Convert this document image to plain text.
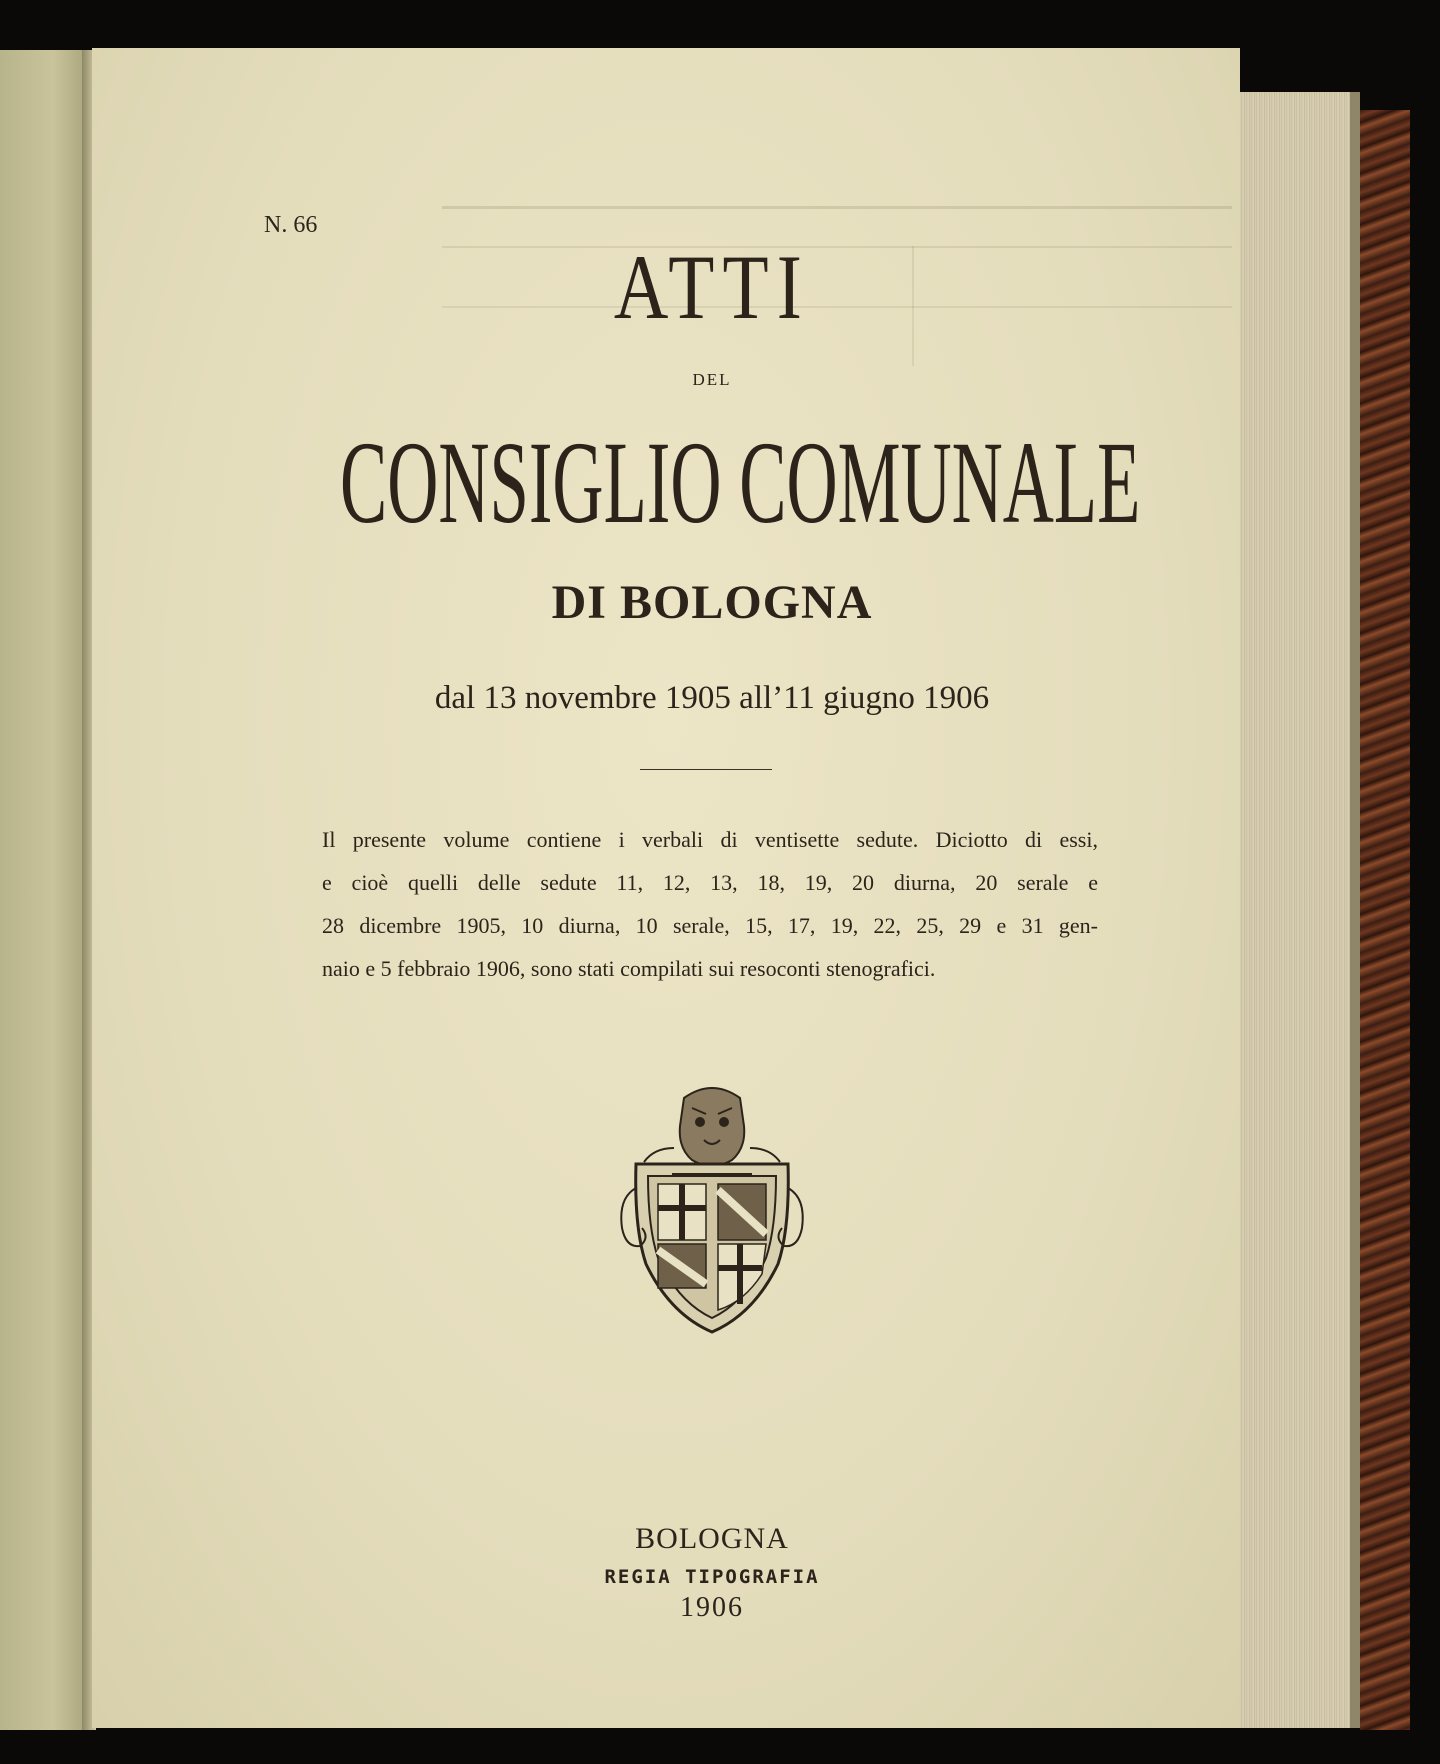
N. 66
ATTI
DEL
CONSIGLIO COMUNALE
DI BOLOGNA
dal 13 novembre 1905 all’11 giugno 1906
Il presente volume contiene i verbali di ventisette sedute. Diciotto di essi,
e cioè quelli delle sedute 11, 12, 13, 18, 19, 20 diurna, 20 serale e
28 dicembre 1905, 10 diurna, 10 serale, 15, 17, 19, 22, 25, 29 e 31 gen-
naio e 5 febbraio 1906, sono stati compilati sui resoconti stenografici.
BOLOGNA
REGIA TIPOGRAFIA
1906
